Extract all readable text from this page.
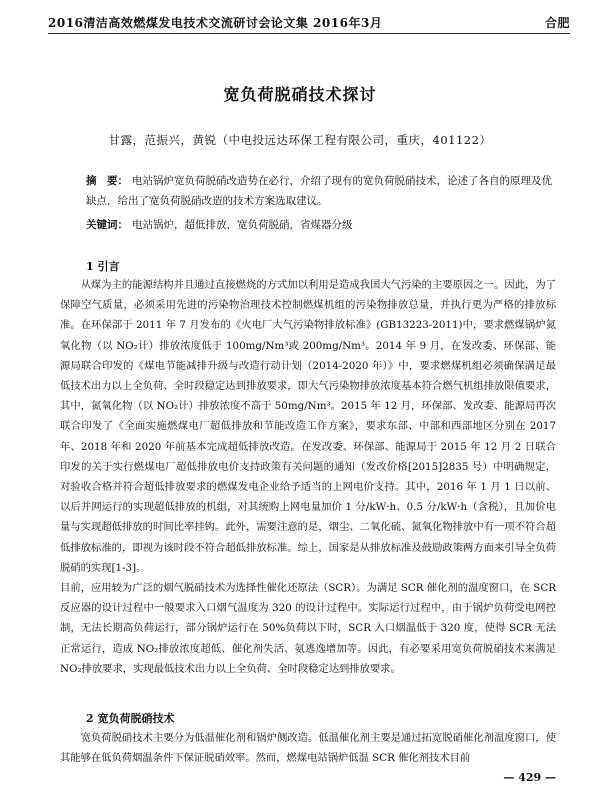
2016清洁高效燃煤发电技术交流研讨会论文集 2016年3月	合肥
宽负荷脱硝技术探讨
甘露，范振兴，黄锐（中电投远达环保工程有限公司，重庆，401122）
摘　要： 电站锅炉宽负荷脱硝改造势在必行，介绍了现有的宽负荷脱硝技术，论述了各自的原理及优缺点，给出了宽负荷脱硝改造的技术方案选取建议。
关键词： 电站锅炉，超低排放，宽负荷脱硝，省煤器分级
1 引言

从煤为主的能源结构并且通过直接燃烧的方式加以利用是造成我国大气污染的主要原因之一。因此，为了保障空气质量，必须采用先进的污染物治理技术控制燃煤机组的污染物排放总量，并执行更为严格的排放标准。在环保部于 2011 年 7 月发布的《火电厂大气污染物排放标准》(GB13223-2011)中，要求燃煤锅炉氮氧化物（以 NO₂计）排放浓度低于 100mg/Nm³或 200mg/Nm³。2014 年 9 月，在发改委、环保部、能源局联合印发的《煤电节能减排升级与改造行动计划（2014-2020 年）》中，要求燃煤机组必须确保满足最低技术出力以上全负荷、全时段稳定达到排放要求，即大气污染物排放浓度基本符合燃气机组排放限值要求，其中，氮氧化物（以 NO₂计）排放浓度不高于 50mg/Nm³。2015 年 12 月，环保部、发改委、能源局再次联合印发了《全面实施燃煤电厂超低排放和节能改造工作方案》，要求东部、中部和西部地区分别在 2017 年、2018 年和 2020 年前基本完成超低排放改造。在发改委、环保部、能源局于 2015 年 12 月 2 日联合印发的关于实行燃煤电厂超低排放电价支持政策有关问题的通知（发改价格[2015]2835 号）中明确规定，对验收合格并符合超低排放要求的燃煤发电企业给予适当的上网电价支持。其中，2016 年 1 月 1 日以前、以后并网运行的实现超低排放的机组，对其统购上网电量加价 1 分/kW·h、0.5 分/kW·h（含税），且加价电量与实现超低排放的时间比率挂钩。此外，需要注意的是，烟尘、二氧化硫、氮氧化物排放中有一项不符合超低排放标准的，即视为该时段不符合超低排放标准。综上，国家是从排放标准及鼓励政策两方面来引导全负荷脱硝的实现[1-3]。

目前，应用较为广泛的烟气脱硝技术为选择性催化还原法（SCR）。为满足 SCR 催化剂的温度窗口，在 SCR 反应器的设计过程中一般要求入口烟气温度为 320 的设计过程中。实际运行过程中，由于锅炉负荷受电网控制，无法长期高负荷运行，部分锅炉运行在 50%负荷以下时，SCR 入口烟温低于 320 度，使得 SCR 无法正常运行，造成 NO₂排放浓度超低、催化剂失活、氨逃逸增加等。因此，有必要采用宽负荷脱硝技术来满足 NO₂排放要求，实现最低技术出力以上全负荷、全时段稳定达到排放要求。

2 宽负荷脱硝技术
宽负荷脱硝技术主要分为低温催化剂和锅炉侧改造。低温催化剂主要是通过拓宽脱硝催化剂温度窗口，使其能够在低负荷烟温条件下保证脱硝效率。然而，燃煤电站锅炉低温 SCR 催化剂技术目前
— 429 —
